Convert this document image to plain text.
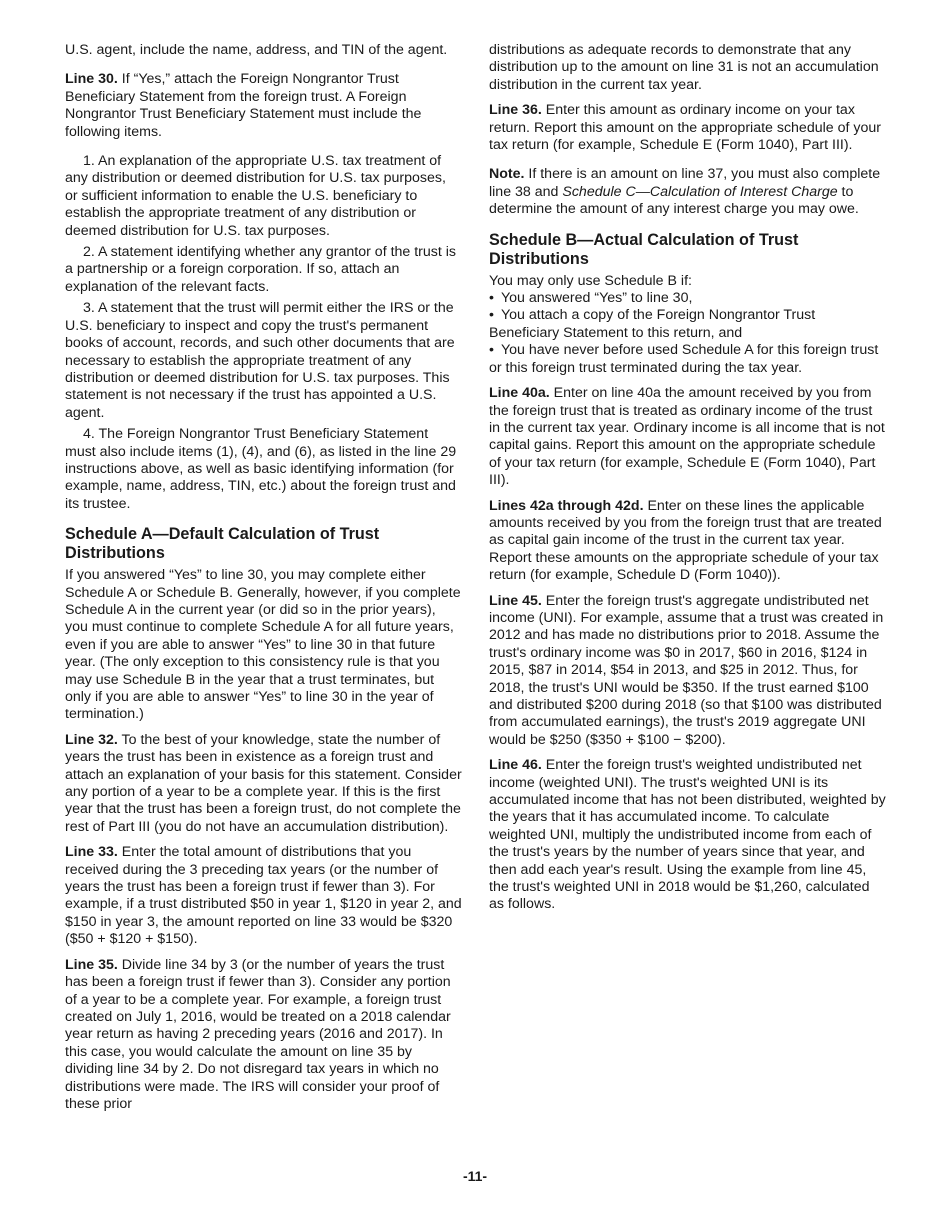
U.S. agent, include the name, address, and TIN of the agent.

Line 30. If “Yes,” attach the Foreign Nongrantor Trust Beneficiary Statement from the foreign trust. A Foreign Nongrantor Trust Beneficiary Statement must include the following items.

1. An explanation of the appropriate U.S. tax treatment of any distribution or deemed distribution for U.S. tax purposes, or sufficient information to enable the U.S. beneficiary to establish the appropriate treatment of any distribution or deemed distribution for U.S. tax purposes.

2. A statement identifying whether any grantor of the trust is a partnership or a foreign corporation. If so, attach an explanation of the relevant facts.

3. A statement that the trust will permit either the IRS or the U.S. beneficiary to inspect and copy the trust's permanent books of account, records, and such other documents that are necessary to establish the appropriate treatment of any distribution or deemed distribution for U.S. tax purposes. This statement is not necessary if the trust has appointed a U.S. agent.

4. The Foreign Nongrantor Trust Beneficiary Statement must also include items (1), (4), and (6), as listed in the line 29 instructions above, as well as basic identifying information (for example, name, address, TIN, etc.) about the foreign trust and its trustee.

Schedule A—Default Calculation of Trust Distributions

If you answered “Yes” to line 30, you may complete either Schedule A or Schedule B. Generally, however, if you complete Schedule A in the current year (or did so in the prior years), you must continue to complete Schedule A for all future years, even if you are able to answer “Yes” to line 30 in that future year. (The only exception to this consistency rule is that you may use Schedule B in the year that a trust terminates, but only if you are able to answer “Yes” to line 30 in the year of termination.)

Line 32. To the best of your knowledge, state the number of years the trust has been in existence as a foreign trust and attach an explanation of your basis for this statement. Consider any portion of a year to be a complete year. If this is the first year that the trust has been a foreign trust, do not complete the rest of Part III (you do not have an accumulation distribution).

Line 33. Enter the total amount of distributions that you received during the 3 preceding tax years (or the number of years the trust has been a foreign trust if fewer than 3). For example, if a trust distributed $50 in year 1, $120 in year 2, and $150 in year 3, the amount reported on line 33 would be $320 ($50 + $120 + $150).

Line 35. Divide line 34 by 3 (or the number of years the trust has been a foreign trust if fewer than 3). Consider any portion of a year to be a complete year. For example, a foreign trust created on July 1, 2016, would be treated on a 2018 calendar year return as having 2 preceding years (2016 and 2017). In this case, you would calculate the amount on line 35 by dividing line 34 by 2. Do not disregard tax years in which no distributions were made. The IRS will consider your proof of these prior

distributions as adequate records to demonstrate that any distribution up to the amount on line 31 is not an accumulation distribution in the current tax year.

Line 36. Enter this amount as ordinary income on your tax return. Report this amount on the appropriate schedule of your tax return (for example, Schedule E (Form 1040), Part III).

Note. If there is an amount on line 37, you must also complete line 38 and Schedule C—Calculation of Interest Charge to determine the amount of any interest charge you may owe.

Schedule B—Actual Calculation of Trust Distributions

You may only use Schedule B if:

• You answered “Yes” to line 30,

• You attach a copy of the Foreign Nongrantor Trust Beneficiary Statement to this return, and

• You have never before used Schedule A for this foreign trust or this foreign trust terminated during the tax year.

Line 40a. Enter on line 40a the amount received by you from the foreign trust that is treated as ordinary income of the trust in the current tax year. Ordinary income is all income that is not capital gains. Report this amount on the appropriate schedule of your tax return (for example, Schedule E (Form 1040), Part III).

Lines 42a through 42d. Enter on these lines the applicable amounts received by you from the foreign trust that are treated as capital gain income of the trust in the current tax year. Report these amounts on the appropriate schedule of your tax return (for example, Schedule D (Form 1040)).

Line 45. Enter the foreign trust's aggregate undistributed net income (UNI). For example, assume that a trust was created in 2012 and has made no distributions prior to 2018. Assume the trust's ordinary income was $0 in 2017, $60 in 2016, $124 in 2015, $87 in 2014, $54 in 2013, and $25 in 2012. Thus, for 2018, the trust's UNI would be $350. If the trust earned $100 and distributed $200 during 2018 (so that $100 was distributed from accumulated earnings), the trust's 2019 aggregate UNI would be $250 ($350 + $100 − $200).

Line 46. Enter the foreign trust's weighted undistributed net income (weighted UNI). The trust's weighted UNI is its accumulated income that has not been distributed, weighted by the years that it has accumulated income. To calculate weighted UNI, multiply the undistributed income from each of the trust's years by the number of years since that year, and then add each year's result. Using the example from line 45, the trust's weighted UNI in 2018 would be $1,260, calculated as follows.

-11-
